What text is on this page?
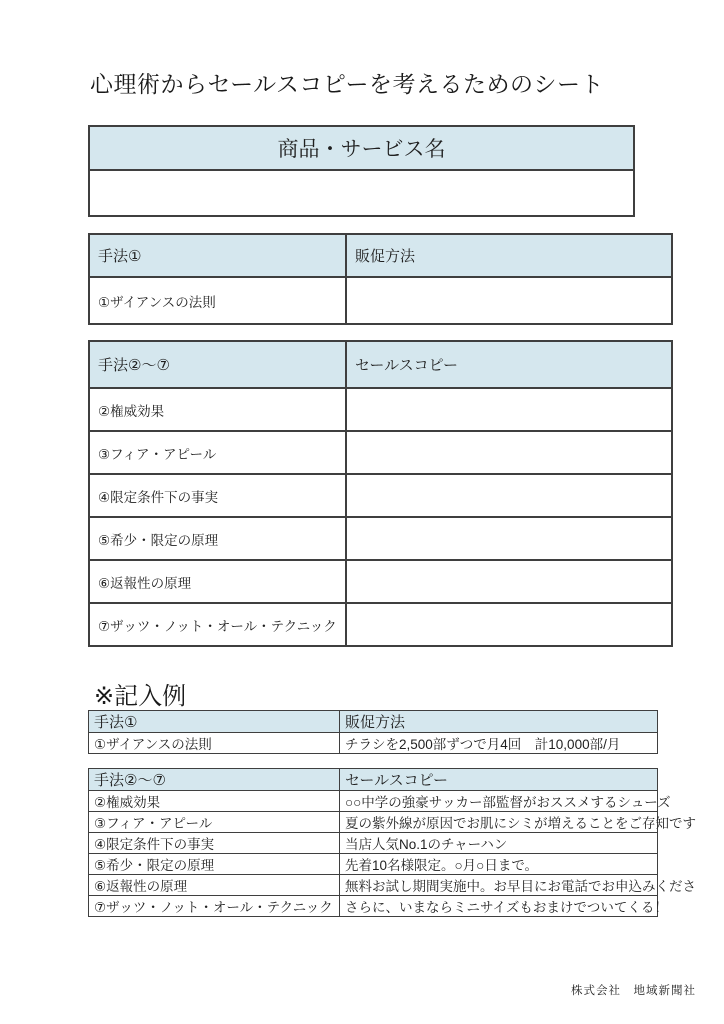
心理術からセールスコピーを考えるためのシート
商品・サービス名

手法①	販促方法
①ザイアンスの法則	
手法②～⑦	セールスコピー
②権威効果	
③フィア・アピール	
④限定条件下の事実	
⑤希少・限定の原理	
⑥返報性の原理	
⑦ザッツ・ノット・オール・テクニック	
※記入例
手法①	販促方法
①ザイアンスの法則	チラシを2,500部ずつで月4回　計10,000部/月
手法②～⑦	セールスコピー
②権威効果	○○中学の強豪サッカー部監督がおススメするシューズ
③フィア・アピール	夏の紫外線が原因でお肌にシミが増えることをご存知です
④限定条件下の事実	当店人気No.1のチャーハン
⑤希少・限定の原理	先着10名様限定。○月○日まで。
⑥返報性の原理	無料お試し期間実施中。お早目にお電話でお申込みくださ
⑦ザッツ・ノット・オール・テクニック	さらに、いまならミニサイズもおまけでついてくる！
株式会社　地域新聞社
